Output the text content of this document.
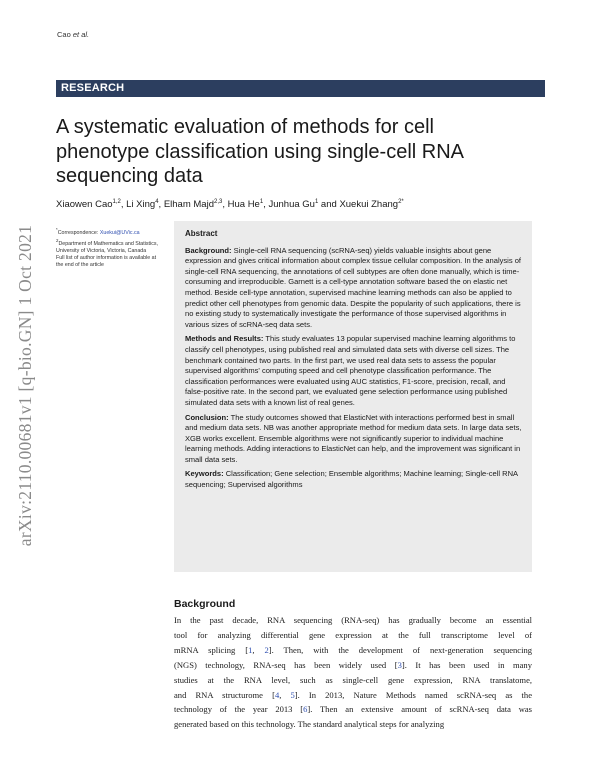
Cao et al.
RESEARCH
A systematic evaluation of methods for cell phenotype classification using single-cell RNA sequencing data
Xiaowen Cao$^{1,2}$, Li Xing$^4$, Elham Majd$^{2,3}$, Hua He$^1$, Junhua Gu$^1$ and Xuekui Zhang$^{2*}$
arXiv:2110.00681v1 [q-bio.GN] 1 Oct 2021	*Correspondence: Xuekui@UVic.ca

$^2$Department of Mathematics and Statistics, University of Victoria, Victoria, Canada

Full list of author information is available at the end of the article

Abstract

Background: Single-cell RNA sequencing (scRNA-seq) yields valuable insights about gene expression and gives critical information about complex tissue cellular composition. In the analysis of single-cell RNA sequencing, the annotations of cell subtypes are often done manually, which is time-consuming and irreproducible. Garnett is a cell-type annotation software based the on elastic net method. Beside cell-type annotation, supervised machine learning methods can also be applied to predict other cell phenotypes from genomic data. Despite the popularity of such applications, there is no existing study to systematically investigate the performance of those supervised algorithms in various sizes of scRNA-seq data sets.

Methods and Results: This study evaluates 13 popular supervised machine learning algorithms to classify cell phenotypes, using published real and simulated data sets with diverse cell sizes. The benchmark contained two parts. In the first part, we used real data sets to assess the popular supervised algorithms' computing speed and cell phenotype classification performance. The classification performances were evaluated using AUC statistics, F1-score, precision, recall, and false-positive rate. In the second part, we evaluated gene selection performance using published simulated data sets with a known list of real genes.

Conclusion: The study outcomes showed that ElasticNet with interactions performed best in small and medium data sets. NB was another appropriate method for medium data sets. In large data sets, XGB works excellent. Ensemble algorithms were not significantly superior to individual machine learning methods. Adding interactions to ElasticNet can help, and the improvement was significant in small data sets.

Keywords: Classification; Gene selection; Ensemble algorithms; Machine learning; Single-cell RNA sequencing; Supervised algorithms

Background
In the past decade, RNA sequencing (RNA-seq) has gradually become an essential
tool for analyzing differential gene expression at the full transcriptome level of
mRNA splicing [1, 2]. Then, with the development of next-generation sequencing
(NGS) technology, RNA-seq has been widely used [3]. It has been used in many
studies at the RNA level, such as single-cell gene expression, RNA translatome,
and RNA structurome [4, 5]. In 2013, Nature Methods named scRNA-seq as the
technology of the year 2013 [6]. Then an extensive amount of scRNA-seq data was
generated based on this technology. The standard analytical steps for analyzing
